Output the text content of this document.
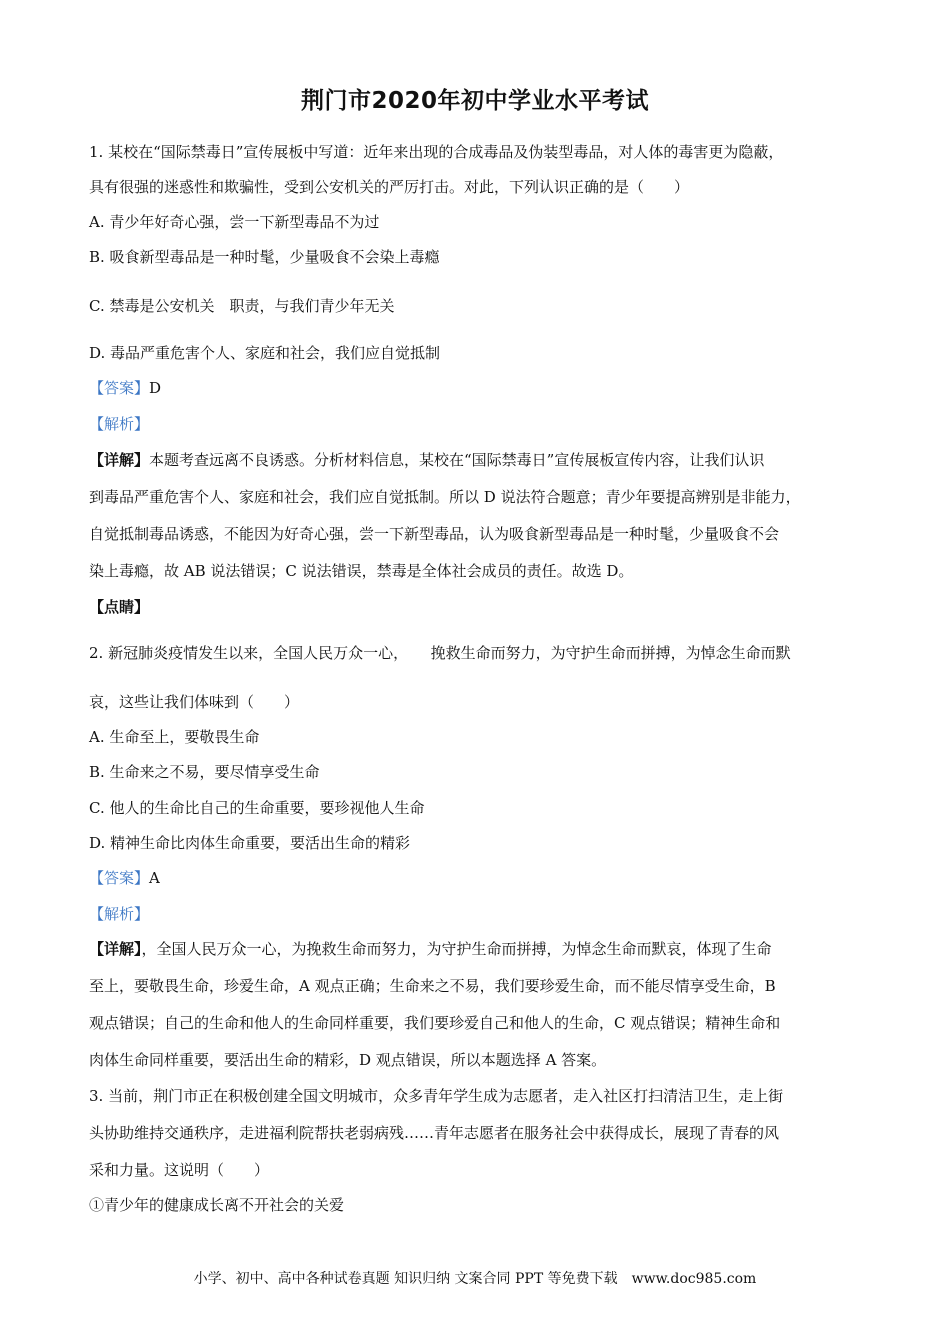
荆门市2020年初中学业水平考试
1. 某校在“国际禁毒日”宣传展板中写道：近年来出现的合成毒品及伪装型毒品，对人体的毒害更为隐蔽，
具有很强的迷惑性和欺骗性，受到公安机关的严厉打击。对此，下列认识正确的是（　　）
A. 青少年好奇心强，尝一下新型毒品不为过
B. 吸食新型毒品是一种时髦，少量吸食不会染上毒瘾
C. 禁毒是公安机关　职责，与我们青少年无关
D. 毒品严重危害个人、家庭和社会，我们应自觉抵制
【答案】D
【解析】
【详解】本题考查远离不良诱惑。分析材料信息，某校在“国际禁毒日”宣传展板宣传内容，让我们认识
到毒品严重危害个人、家庭和社会，我们应自觉抵制。所以 D 说法符合题意；青少年要提高辨别是非能力，
自觉抵制毒品诱惑，不能因为好奇心强，尝一下新型毒品，认为吸食新型毒品是一种时髦，少量吸食不会
染上毒瘾，故 AB 说法错误；C 说法错误，禁毒是全体社会成员的责任。故选 D。
【点睛】
2. 新冠肺炎疫情发生以来，全国人民万众一心，　　挽救生命而努力，为守护生命而拼搏，为悼念生命而默
哀，这些让我们体味到（　　）
A. 生命至上，要敬畏生命
B. 生命来之不易，要尽情享受生命
C. 他人的生命比自己的生命重要，要珍视他人生命
D. 精神生命比肉体生命重要，要活出生命的精彩
【答案】A
【解析】
【详解】，全国人民万众一心，为挽救生命而努力，为守护生命而拼搏，为悼念生命而默哀，体现了生命
至上，要敬畏生命，珍爱生命，A 观点正确；生命来之不易，我们要珍爱生命，而不能尽情享受生命，B
观点错误；自己的生命和他人的生命同样重要，我们要珍爱自己和他人的生命，C 观点错误；精神生命和
肉体生命同样重要，要活出生命的精彩，D 观点错误，所以本题选择 A 答案。
3. 当前，荆门市正在积极创建全国文明城市，众多青年学生成为志愿者，走入社区打扫清洁卫生，走上街
头协助维持交通秩序，走进福利院帮扶老弱病残……青年志愿者在服务社会中获得成长，展现了青春的风
采和力量。这说明（　　）
①青少年的健康成长离不开社会的关爱
小学、初中、高中各种试卷真题 知识归纳 文案合同 PPT 等免费下载　www.doc985.com
